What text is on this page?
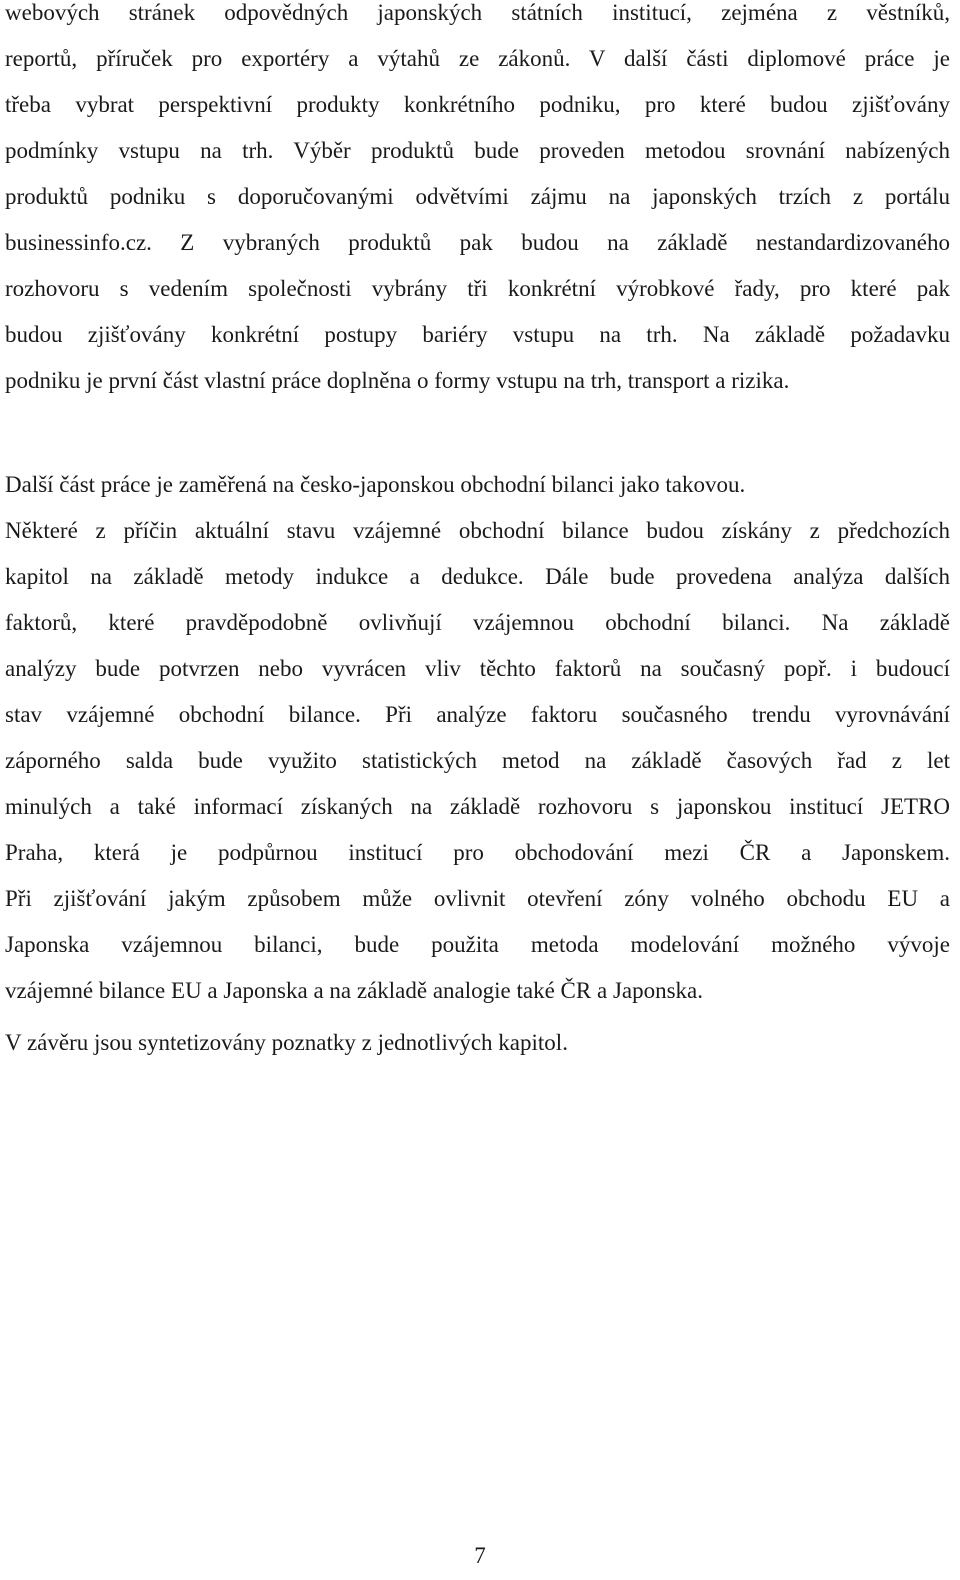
webových stránek odpovědných japonských státních institucí, zejména z věstníků,
reportů, příruček pro exportéry a výtahů ze zákonů. V další části diplomové práce je
třeba vybrat perspektivní produkty konkrétního podniku, pro které budou zjišťovány
podmínky vstupu na trh. Výběr produktů bude proveden metodou srovnání nabízených
produktů podniku s doporučovanými odvětvími zájmu na japonských trzích z portálu
businessinfo.cz. Z vybraných produktů pak budou na základě nestandardizovaného
rozhovoru s vedením společnosti vybrány tři konkrétní výrobkové řady, pro které pak
budou zjišťovány konkrétní postupy bariéry vstupu na trh. Na základě požadavku
podniku je první část vlastní práce doplněna o formy vstupu na trh, transport a rizika.
Další část práce je zaměřená na česko-japonskou obchodní bilanci jako takovou.
Některé z příčin aktuální stavu vzájemné obchodní bilance budou získány z předchozích
kapitol na základě metody indukce a dedukce. Dále bude provedena analýza dalších
faktorů, které pravděpodobně ovlivňují vzájemnou obchodní bilanci. Na základě
analýzy bude potvrzen nebo vyvrácen vliv těchto faktorů na současný popř. i budoucí
stav vzájemné obchodní bilance. Při analýze faktoru současného trendu vyrovnávání
záporného salda bude využito statistických metod na základě časových řad z let
minulých a také informací získaných na základě rozhovoru s japonskou institucí JETRO
Praha, která je podpůrnou institucí pro obchodování mezi ČR a Japonskem.
Při zjišťování jakým způsobem může ovlivnit otevření zóny volného obchodu EU a
Japonska vzájemnou bilanci, bude použita metoda modelování možného vývoje
vzájemné bilance EU a Japonska a na základě analogie také ČR a Japonska.
V závěru jsou syntetizovány poznatky z jednotlivých kapitol.
7
